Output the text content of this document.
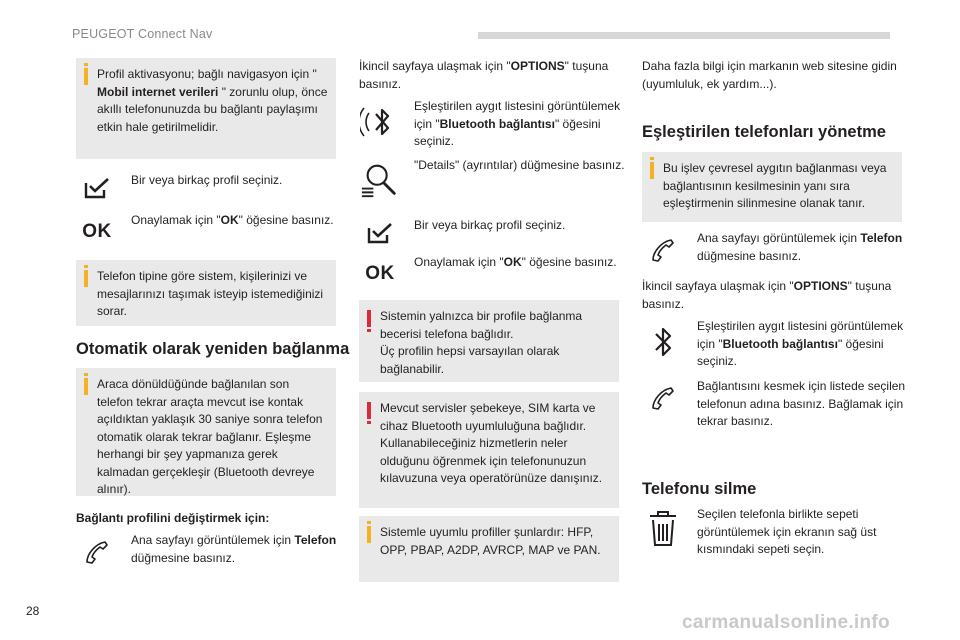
PEUGEOT Connect Nav
28
carmanualsonline.info
Profil aktivasyonu; bağlı navigasyon için " Mobil internet verileri " zorunlu olup, önce akıllı telefonunuzda bu bağlantı paylaşımı etkin hale getirilmelidir.
Bir veya birkaç profil seçiniz.
OK
Onaylamak için "OK" öğesine basınız.
Telefon tipine göre sistem, kişilerinizi ve mesajlarınızı taşımak isteyip istemediğinizi sorar.
Otomatik olarak yeniden bağlanma
Araca dönüldüğünde bağlanılan son telefon tekrar araçta mevcut ise kontak açıldıktan yaklaşık 30 saniye sonra telefon otomatik olarak tekrar bağlanır. Eşleşme herhangi bir şey yapmanıza gerek kalmadan gerçekleşir (Bluetooth devreye alınır).
Bağlantı profilini değiştirmek için:
Ana sayfayı görüntülemek için Telefon düğmesine basınız.
İkincil sayfaya ulaşmak için "OPTIONS" tuşuna basınız.
Eşleştirilen aygıt listesini görüntülemek için "Bluetooth bağlantısı" öğesini seçiniz.
"Details" (ayrıntılar) düğmesine basınız.
Bir veya birkaç profil seçiniz.
OK
Onaylamak için "OK" öğesine basınız.
Sistemin yalnızca bir profile bağlanma becerisi telefona bağlıdır.
Üç profilin hepsi varsayılan olarak bağlanabilir.
Mevcut servisler şebekeye, SIM karta ve cihaz Bluetooth uyumluluğuna bağlıdır. Kullanabileceğiniz hizmetlerin neler olduğunu öğrenmek için telefonunuzun kılavuzuna veya operatörünüze danışınız.
Sistemle uyumlu profiller şunlardır: HFP, OPP, PBAP, A2DP, AVRCP, MAP ve PAN.
Daha fazla bilgi için markanın web sitesine gidin (uyumluluk, ek yardım...).
Eşleştirilen telefonları yönetme
Bu işlev çevresel aygıtın bağlanması veya bağlantısının kesilmesinin yanı sıra eşleştirmenin silinmesine olanak tanır.
Ana sayfayı görüntülemek için Telefon düğmesine basınız.
İkincil sayfaya ulaşmak için "OPTIONS" tuşuna basınız.
Eşleştirilen aygıt listesini görüntülemek için "Bluetooth bağlantısı" öğesini seçiniz.
Bağlantısını kesmek için listede seçilen telefonun adına basınız. Bağlamak için tekrar basınız.
Telefonu silme
Seçilen telefonla birlikte sepeti görüntülemek için ekranın sağ üst kısmındaki sepeti seçin.
